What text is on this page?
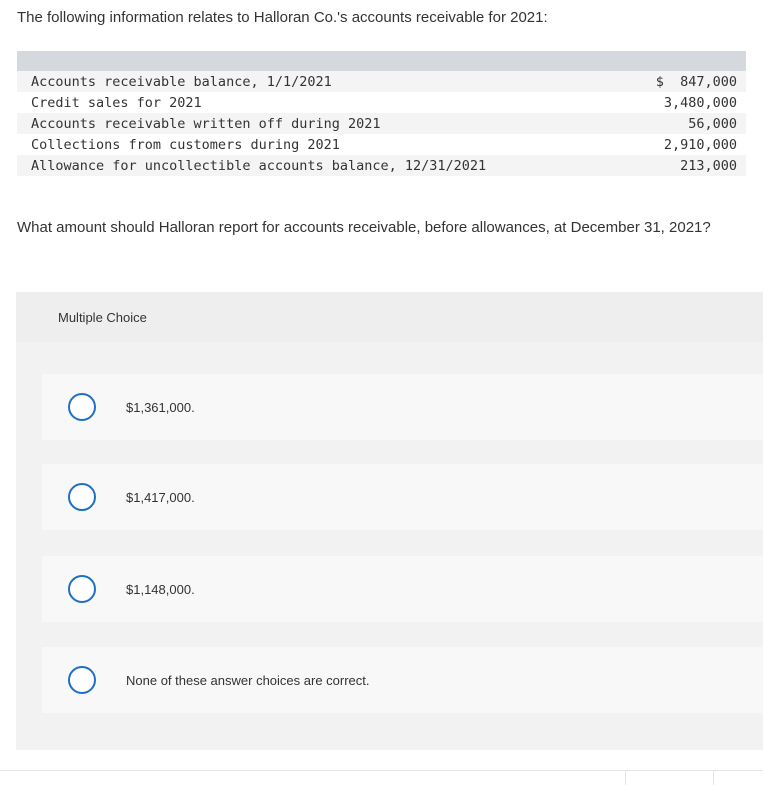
The following information relates to Halloran Co.'s accounts receivable for 2021:
Accounts receivable balance, 1/1/2021	$  847,000
Credit sales for 2021	3,480,000
Accounts receivable written off during 2021	56,000
Collections from customers during 2021	2,910,000
Allowance for uncollectible accounts balance, 12/31/2021	213,000
What amount should Halloran report for accounts receivable, before allowances, at December 31, 2021?
Multiple Choice
$1,361,000.
$1,417,000.
$1,148,000.
None of these answer choices are correct.
